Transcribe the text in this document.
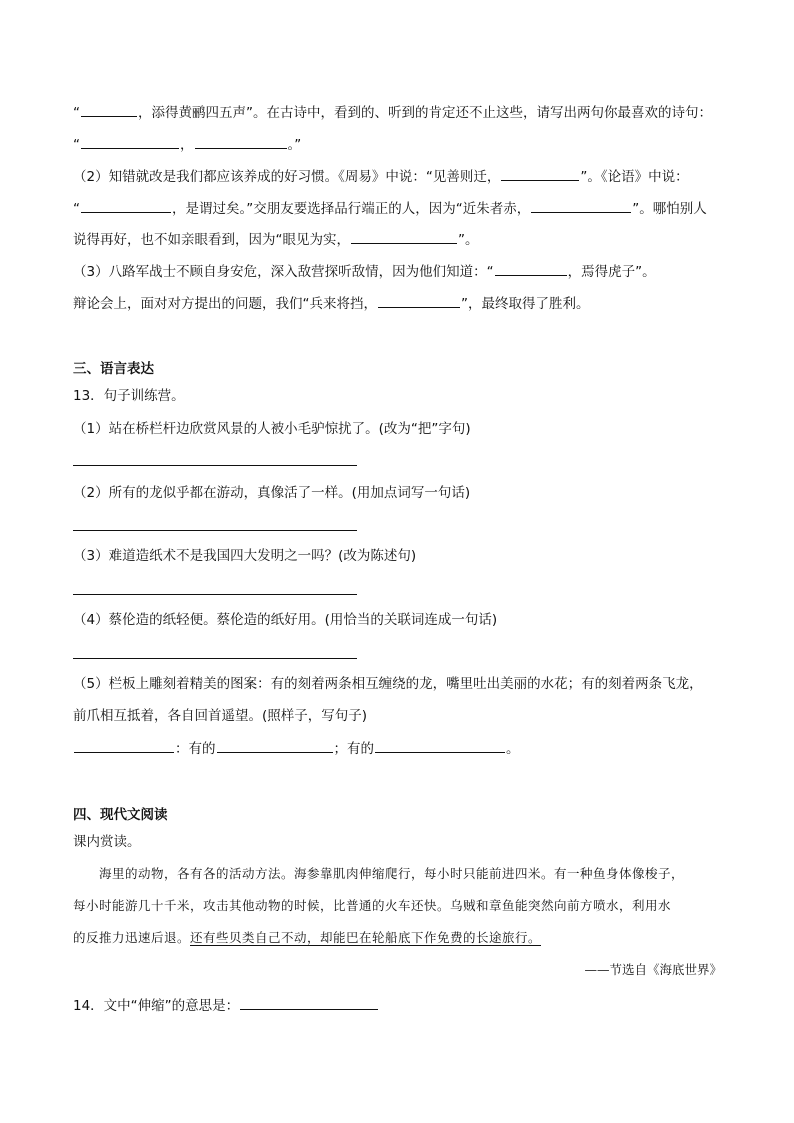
“	，添得黄鹂四五声”。在古诗中，看到的、听到的肯定还不止这些，请写出两句你最喜欢的诗句：
“	，	。”
（2）知错就改是我们都应该养成的好习惯。《周易》中说：“见善则迁，	”。《论语》中说：
“	，是谓过矣。”交朋友要选择品行端正的人，因为“近朱者赤，	”。哪怕别人
说得再好，也不如亲眼看到，因为“眼见为实，	”。
（3）八路军战士不顾自身安危，深入敌营探听敌情，因为他们知道：“	，焉得虎子”。
辩论会上，面对对方提出的问题，我们“兵来将挡，	”，最终取得了胜利。
三、语言表达
13．句子训练营。
（1）站在桥栏杆边欣赏风景的人被小毛驴惊扰了。(改为“把”字句)
（2）所有的龙似乎都在游动，真像活了一样。(用加点词写一句话)
（3）难道造纸术不是我国四大发明之一吗？(改为陈述句)
（4）蔡伦造的纸轻便。蔡伦造的纸好用。(用恰当的关联词连成一句话)
（5）栏板上雕刻着精美的图案：有的刻着两条相互缠绕的龙，嘴里吐出美丽的水花；有的刻着两条飞龙，
前爪相互抵着，各自回首遥望。(照样子，写句子)
：有的	；有的	。
四、现代文阅读
课内赏读。
海里的动物，各有各的活动方法。海参靠肌肉伸缩爬行，每小时只能前进四米。有一种鱼身体像梭子，
每小时能游几十千米，攻击其他动物的时候，比普通的火车还快。乌贼和章鱼能突然向前方喷水，利用水
的反推力迅速后退。还有些贝类自己不动，却能巴在轮船底下作免费的长途旅行。
——节选自《海底世界》
14．文中“伸缩”的意思是：
